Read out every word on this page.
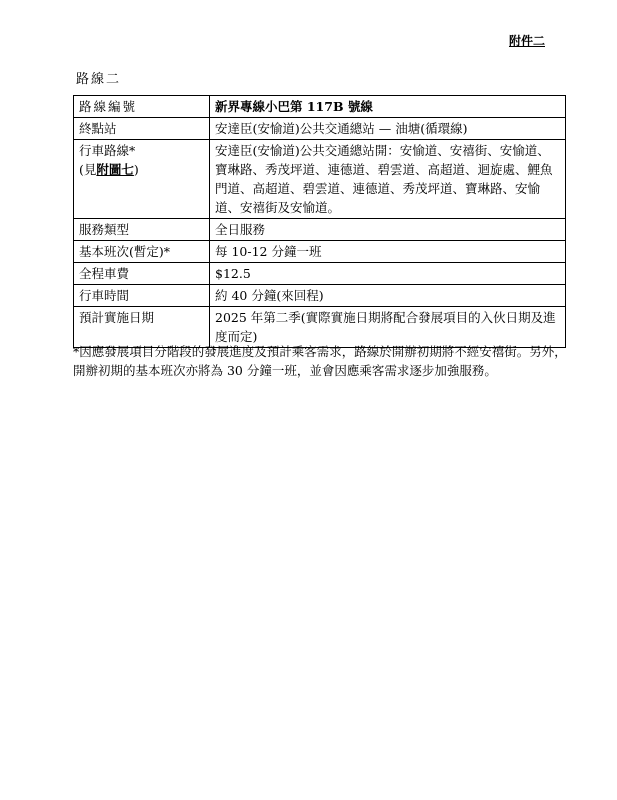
附件二
路線二
路線編號	新界專線小巴第 117B 號線
終點站	安達臣(安愉道)公共交通總站 — 油塘(循環線)

行車路線*
(見附圖七)	安達臣(安愉道)公共交通總站開：安愉道、安禧街、安愉道、寶琳路、秀茂坪道、連德道、碧雲道、高超道、迴旋處、鯉魚門道、高超道、碧雲道、連德道、秀茂坪道、寶琳路、安愉道、安禧街及安愉道。
服務類型	全日服務
基本班次(暫定)*	每 10-12 分鐘一班
全程車費	$12.5
行車時間	約 40 分鐘(來回程)
預計實施日期	2025 年第二季(實際實施日期將配合發展項目的入伙日期及進度而定)
*因應發展項目分階段的發展進度及預計乘客需求，路線於開辦初期將不經安禧街。另外，開辦初期的基本班次亦將為 30 分鐘一班，並會因應乘客需求逐步加強服務。
